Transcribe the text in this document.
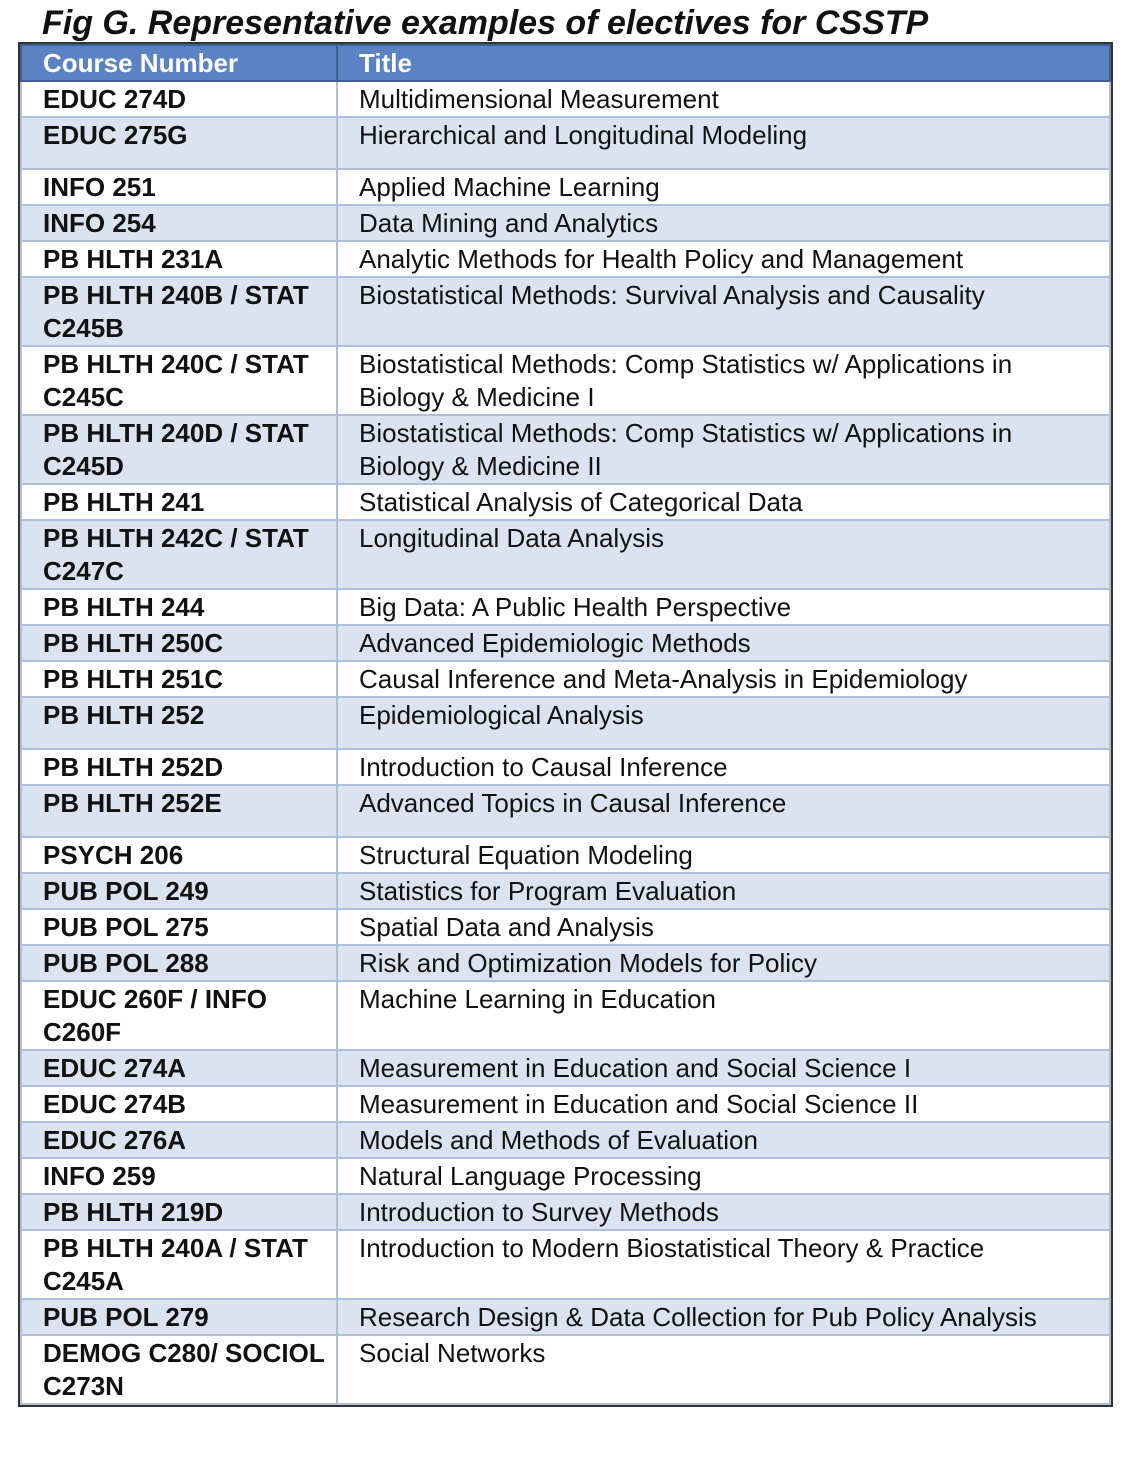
Fig G. Representative examples of electives for CSSTP
Course Number	Title
EDUC 274D	Multidimensional Measurement
EDUC 275G	Hierarchical and Longitudinal Modeling
INFO 251	Applied Machine Learning
INFO 254	Data Mining and Analytics
PB HLTH 231A	Analytic Methods for Health Policy and Management
PB HLTH 240B / STAT C245B	Biostatistical Methods: Survival Analysis and Causality
PB HLTH 240C / STAT C245C	Biostatistical Methods: Comp Statistics w/ Applications in Biology & Medicine I
PB HLTH 240D / STAT C245D	Biostatistical Methods: Comp Statistics w/ Applications in Biology & Medicine II
PB HLTH 241	Statistical Analysis of Categorical Data
PB HLTH 242C / STAT C247C	Longitudinal Data Analysis
PB HLTH 244	Big Data: A Public Health Perspective
PB HLTH 250C	Advanced Epidemiologic Methods
PB HLTH 251C	Causal Inference and Meta-Analysis in Epidemiology
PB HLTH 252	Epidemiological Analysis
PB HLTH 252D	Introduction to Causal Inference
PB HLTH 252E	Advanced Topics in Causal Inference
PSYCH 206	Structural Equation Modeling
PUB POL 249	Statistics for Program Evaluation
PUB POL 275	Spatial Data and Analysis
PUB POL 288	Risk and Optimization Models for Policy
EDUC 260F / INFO C260F	Machine Learning in Education
EDUC 274A	Measurement in Education and Social Science I
EDUC 274B	Measurement in Education and Social Science II
EDUC 276A	Models and Methods of Evaluation
INFO 259	Natural Language Processing
PB HLTH 219D	Introduction to Survey Methods
PB HLTH 240A / STAT C245A	Introduction to Modern Biostatistical Theory & Practice
PUB POL 279	Research Design & Data Collection for Pub Policy Analysis
DEMOG C280/ SOCIOL C273N	Social Networks
